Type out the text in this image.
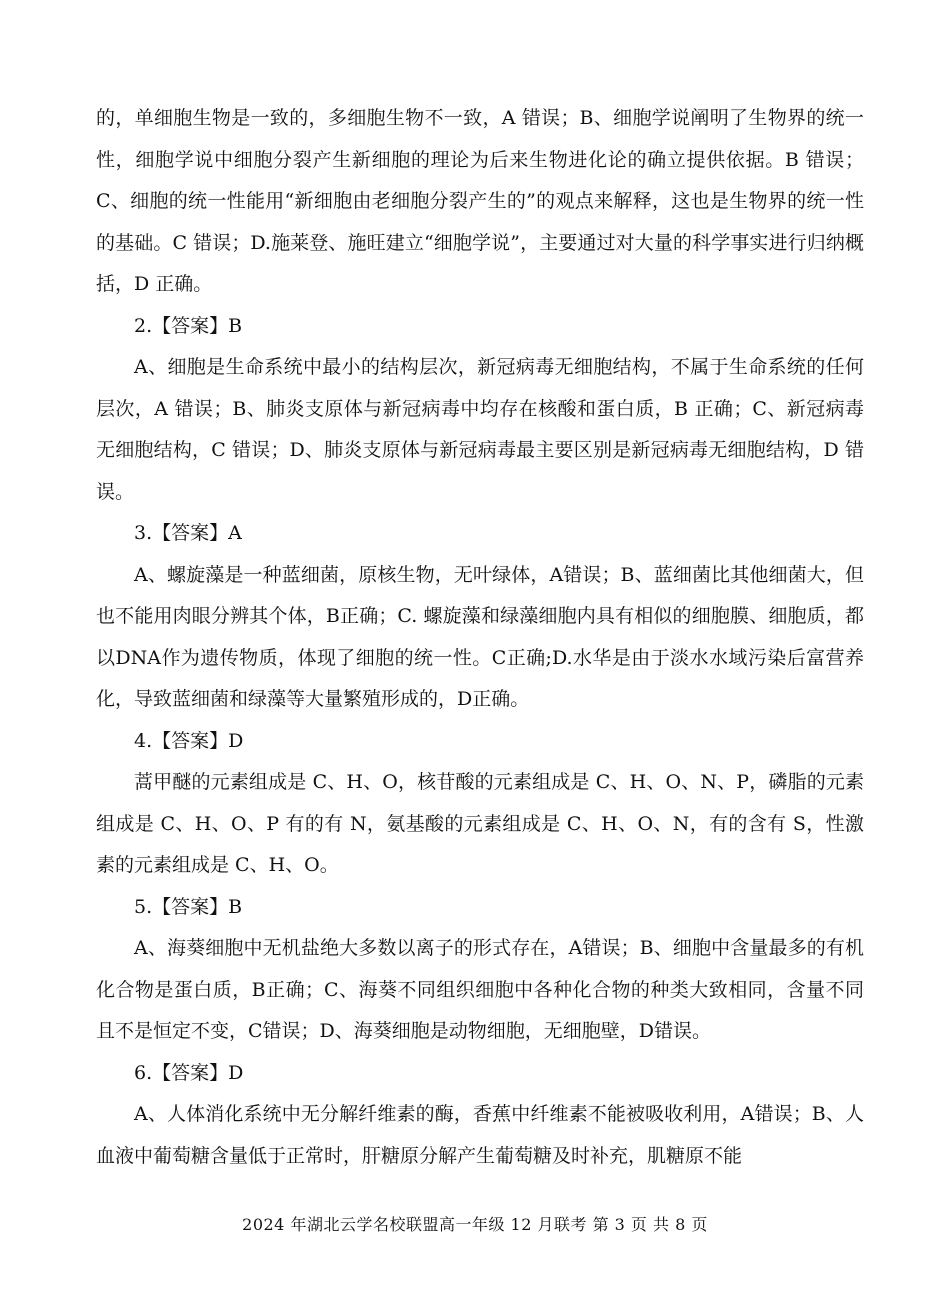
的，单细胞生物是一致的，多细胞生物不一致，A 错误；B、细胞学说阐明了生物界的统一性，细胞学说中细胞分裂产生新细胞的理论为后来生物进化论的确立提供依据。B 错误；C、细胞的统一性能用“新细胞由老细胞分裂产生的”的观点来解释，这也是生物界的统一性的基础。C 错误；D.施莱登、施旺建立“细胞学说”，主要通过对大量的科学事实进行归纳概括，D 正确。

2.【答案】B

A、细胞是生命系统中最小的结构层次，新冠病毒无细胞结构，不属于生命系统的任何层次，A 错误；B、肺炎支原体与新冠病毒中均存在核酸和蛋白质，B 正确；C、新冠病毒无细胞结构，C 错误；D、肺炎支原体与新冠病毒最主要区别是新冠病毒无细胞结构，D 错误。

3.【答案】A

A、螺旋藻是一种蓝细菌，原核生物，无叶绿体，A错误；B、蓝细菌比其他细菌大，但也不能用肉眼分辨其个体，B正确；C. 螺旋藻和绿藻细胞内具有相似的细胞膜、细胞质，都以DNA作为遗传物质，体现了细胞的统一性。C正确;D.水华是由于淡水水域污染后富营养化，导致蓝细菌和绿藻等大量繁殖形成的，D正确。

4.【答案】D

蒿甲醚的元素组成是 C、H、O，核苷酸的元素组成是 C、H、O、N、P，磷脂的元素组成是 C、H、O、P 有的有 N，氨基酸的元素组成是 C、H、O、N，有的含有 S，性激素的元素组成是 C、H、O。

5.【答案】B

A、海葵细胞中无机盐绝大多数以离子的形式存在，A错误；B、细胞中含量最多的有机化合物是蛋白质，B正确；C、海葵不同组织细胞中各种化合物的种类大致相同，含量不同且不是恒定不变，C错误；D、海葵细胞是动物细胞，无细胞壁，D错误。

6.【答案】D

A、人体消化系统中无分解纤维素的酶，香蕉中纤维素不能被吸收利用，A错误；B、人血液中葡萄糖含量低于正常时，肝糖原分解产生葡萄糖及时补充，肌糖原不能

2024 年湖北云学名校联盟高一年级 12 月联考 第 3 页 共 8 页
